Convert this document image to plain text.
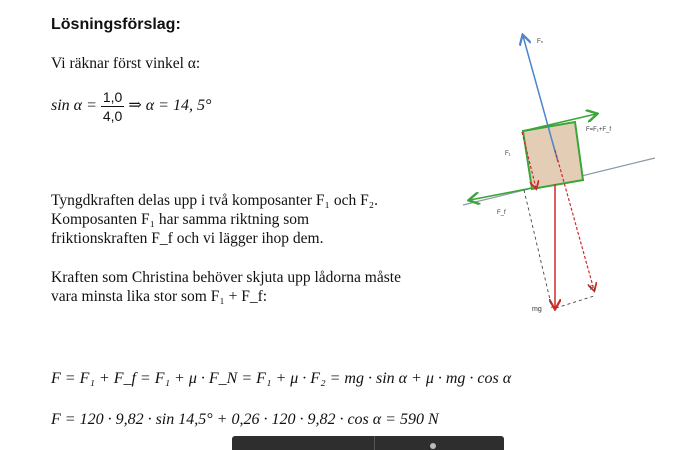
Lösningsförslag:
Vi räknar först vinkel α:
$\sin \alpha = \frac{1,0}{4,0}$ ⇒ α = 14, 5°
Tyngdkraften delas upp i två komposanter F₁ och F₂.
Komposanten F₁ har samma riktning som
friktionskraften F_f och vi lägger ihop dem.
Kraften som Christina behöver skjuta upp lådorna måste
vara minsta lika stor som F₁ + F_f:
F = F₁ + F_f = F₁ + μ · F_N = F₁ + μ · F₂ = mg · sin α + μ · mg · cos α
F = 120 · 9,82 · sin 14,5° + 0,26 · 120 · 9,82 · cos α = 590 N
Fₙ
F=F₁+F_f
F₁
F_f
F₂
mg
